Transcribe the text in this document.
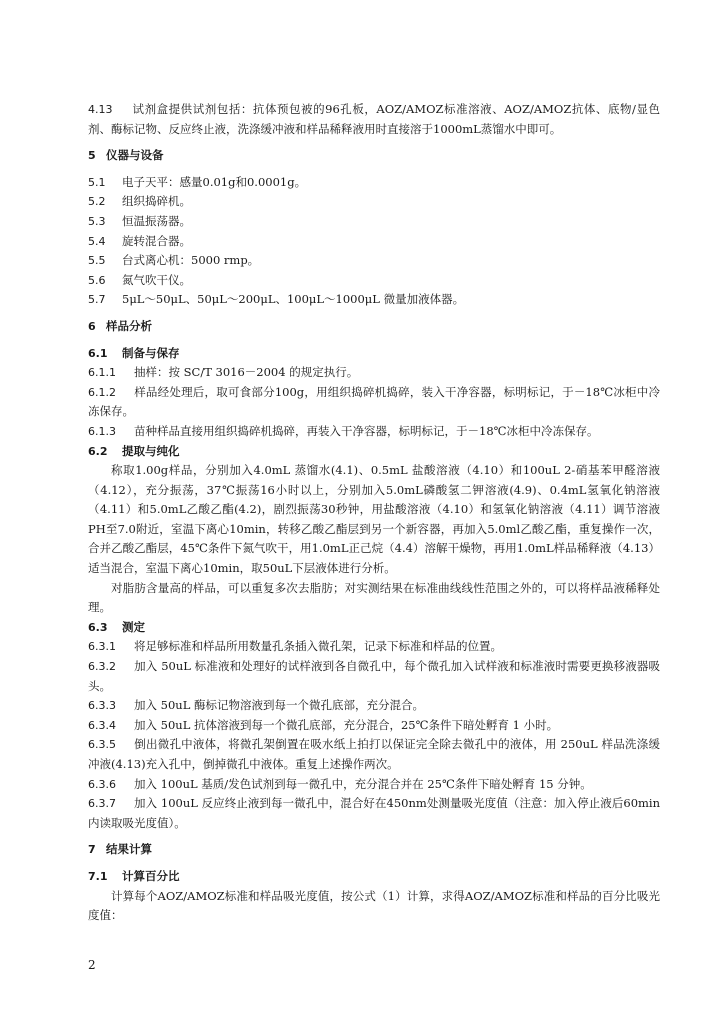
4.13 试剂盒提供试剂包括：抗体预包被的96孔板，AOZ/AMOZ标准溶液、AOZ/AMOZ抗体、底物/显色剂、酶标记物、反应终止液，洗涤缓冲液和样品稀释液用时直接溶于1000mL蒸馏水中即可。

5 仪器与设备

5.1 电子天平：感量0.01g和0.0001g。

5.2 组织捣碎机。

5.3 恒温振荡器。

5.4 旋转混合器。

5.5 台式离心机：5000 rmp。

5.6 氮气吹干仪。

5.7 5μL～50μL、50μL～200μL、100μL～1000μL 微量加液体器。

6 样品分析

6.1 制备与保存

6.1.1 抽样：按 SC/T 3016－2004 的规定执行。

6.1.2 样品经处理后，取可食部分100g，用组织捣碎机捣碎，装入干净容器，标明标记，于－18℃冰柜中冷冻保存。

6.1.3 苗种样品直接用组织捣碎机捣碎，再装入干净容器，标明标记，于－18℃冰柜中冷冻保存。

6.2 提取与纯化

称取1.00g样品，分别加入4.0mL 蒸馏水(4.1)、0.5mL 盐酸溶液（4.10）和100uL 2-硝基苯甲醛溶液（4.12），充分振荡，37℃振荡16小时以上，分别加入5.0mL磷酸氢二钾溶液(4.9)、0.4mL氢氧化钠溶液（4.11）和5.0mL乙酸乙酯(4.2)，剧烈振荡30秒钟，用盐酸溶液（4.10）和氢氧化钠溶液（4.11）调节溶液PH至7.0附近，室温下离心10min，转移乙酸乙酯层到另一个新容器，再加入5.0ml乙酸乙酯，重复操作一次，合并乙酸乙酯层，45℃条件下氮气吹干，用1.0mL正己烷（4.4）溶解干燥物，再用1.0mL样品稀释液（4.13）适当混合，室温下离心10min，取50uL下层液体进行分析。

对脂肪含量高的样品，可以重复多次去脂肪；对实测结果在标准曲线线性范围之外的，可以将样品液稀释处理。

6.3 测定

6.3.1 将足够标准和样品所用数量孔条插入微孔架，记录下标准和样品的位置。

6.3.2 加入 50uL 标准液和处理好的试样液到各自微孔中，每个微孔加入试样液和标准液时需要更换移液器吸头。

6.3.3 加入 50uL 酶标记物溶液到每一个微孔底部，充分混合。

6.3.4 加入 50uL 抗体溶液到每一个微孔底部，充分混合，25℃条件下暗处孵育 1 小时。

6.3.5 倒出微孔中液体，将微孔架倒置在吸水纸上拍打以保证完全除去微孔中的液体，用 250uL 样品洗涤缓冲液(4.13)充入孔中，倒掉微孔中液体。重复上述操作两次。

6.3.6 加入 100uL 基质/发色试剂到每一微孔中，充分混合并在 25℃条件下暗处孵育 15 分钟。

6.3.7 加入 100uL 反应终止液到每一微孔中，混合好在450nm处测量吸光度值（注意：加入停止液后60min内读取吸光度值）。

7 结果计算

7.1 计算百分比

计算每个AOZ/AMOZ标准和样品吸光度值，按公式（1）计算，求得AOZ/AMOZ标准和样品的百分比吸光度值：

2
